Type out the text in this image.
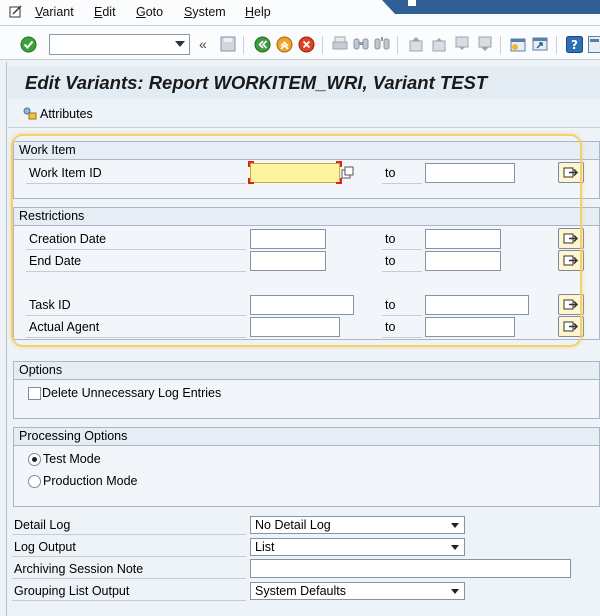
Variant Edit Goto System Help
«	?
Edit Variants: Report WORKITEM_WRI, Variant TEST
Attributes
Work Item
Work Item ID	to
Restrictions
Creation Date	to
End Date	to
Task ID	to
Actual Agent	to
Options
Delete Unnecessary Log Entries
Processing Options
Test Mode
Production Mode
Detail Log	No Detail Log
Log Output	List
Archiving Session Note
Grouping List Output	System Defaults
